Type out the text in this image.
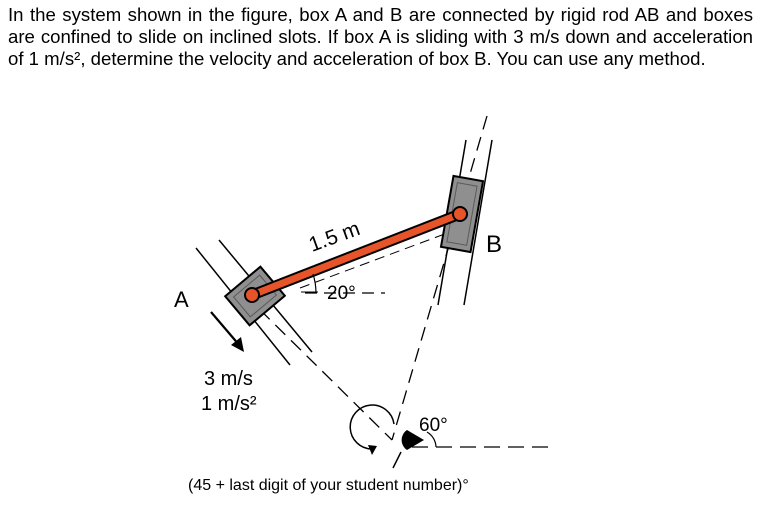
In the system shown in the figure, box A and B are connected by rigid rod AB and boxes are confined to slide on inclined slots. If box A is sliding with 3 m/s down and acceleration of 1 m/s², determine the velocity and acceleration of box B. You can use any method.

A
B
1.5 m
20°
3 m/s
1 m/s²
60°
(45 + last digit of your student number)°
